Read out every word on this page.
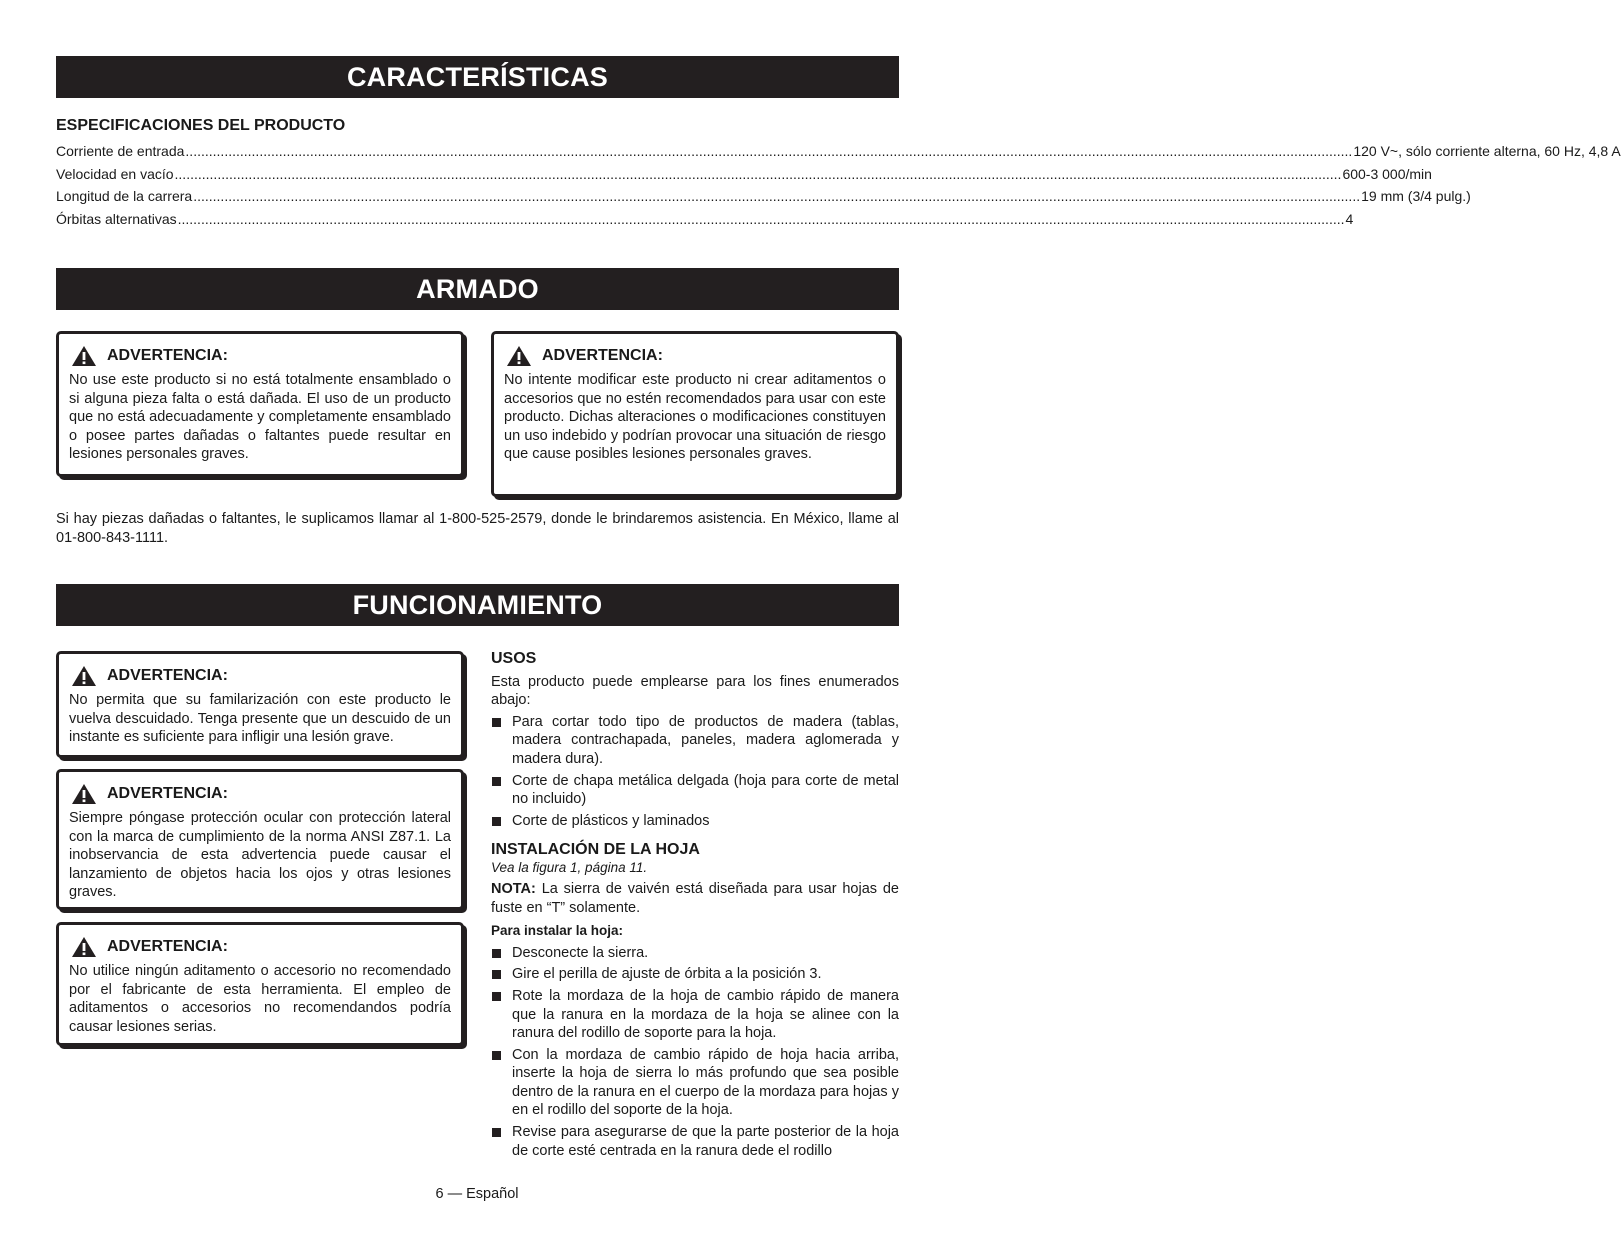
CARACTERÍSTICAS
ESPECIFICACIONES DEL PRODUCTO
Corriente de entrada ............................................................................................................................................................................................................................................................................................................ 120 V~, sólo corriente alterna, 60 Hz, 4,8 A
Velocidad en vacío ............................................................................................................................................................................................................................................................................................................ 600-3 000/min
Longitud de la carrera ............................................................................................................................................................................................................................................................................................................ 19 mm (3/4 pulg.)
Órbitas alternativas ............................................................................................................................................................................................................................................................................................................ 4
ARMADO
ADVERTENCIA:
No use este producto si no está totalmente ensamblado o si alguna pieza falta o está dañada. El uso de un producto que no está adecuadamente y completamente ensamblado o posee partes dañadas o faltantes puede resultar en lesiones personales graves.
ADVERTENCIA:
No intente modificar este producto ni crear aditamentos o accesorios que no estén recomendados para usar con este producto. Dichas alteraciones o modificaciones constituyen un uso indebido y podrían provocar una situación de riesgo que cause posibles lesiones personales graves.
Si hay piezas dañadas o faltantes, le suplicamos llamar al 1-800-525-2579, donde le brindaremos asistencia. En México, llame al 01-800-843-1111.
FUNCIONAMIENTO
ADVERTENCIA:
No permita que su familarización con este producto le vuelva descuidado. Tenga presente que un descuido de un instante es suficiente para infligir una lesión grave.
ADVERTENCIA:
Siempre póngase protección ocular con protección lateral con la marca de cumplimiento de la norma ANSI Z87.1. La inobservancia de esta advertencia puede causar el lanzamiento de objetos hacia los ojos y otras lesiones graves.
ADVERTENCIA:
No utilice ningún aditamento o accesorio no recomendado por el fabricante de esta herramienta. El empleo de aditamentos o accesorios no recomendandos podría causar lesiones serias.
USOS

Esta producto puede emplearse para los fines enumerados abajo:

Para cortar todo tipo de productos de madera (tablas, madera contrachapada, paneles, madera aglomerada y madera dura).
Corte de chapa metálica delgada (hoja para corte de metal no incluido)
Corte de plásticos y laminados
INSTALACIÓN DE LA HOJA

Vea la figura 1, página 11.

NOTA: La sierra de vaivén está diseñada para usar hojas de fuste en “T” solamente.

Para instalar la hoja:

Desconecte la sierra.
Gire el perilla de ajuste de órbita a la posición 3.
Rote la mordaza de la hoja de cambio rápido de manera que la ranura en la mordaza de la hoja se alinee con la ranura del rodillo de soporte para la hoja.
Con la mordaza de cambio rápido de hoja hacia arriba, inserte la hoja de sierra lo más profundo que sea posible dentro de la ranura en el cuerpo de la mordaza para hojas y en el rodillo del soporte de la hoja.
Revise para asegurarse de que la parte posterior de la hoja de corte esté centrada en la ranura dede el rodillo
6 — Español
